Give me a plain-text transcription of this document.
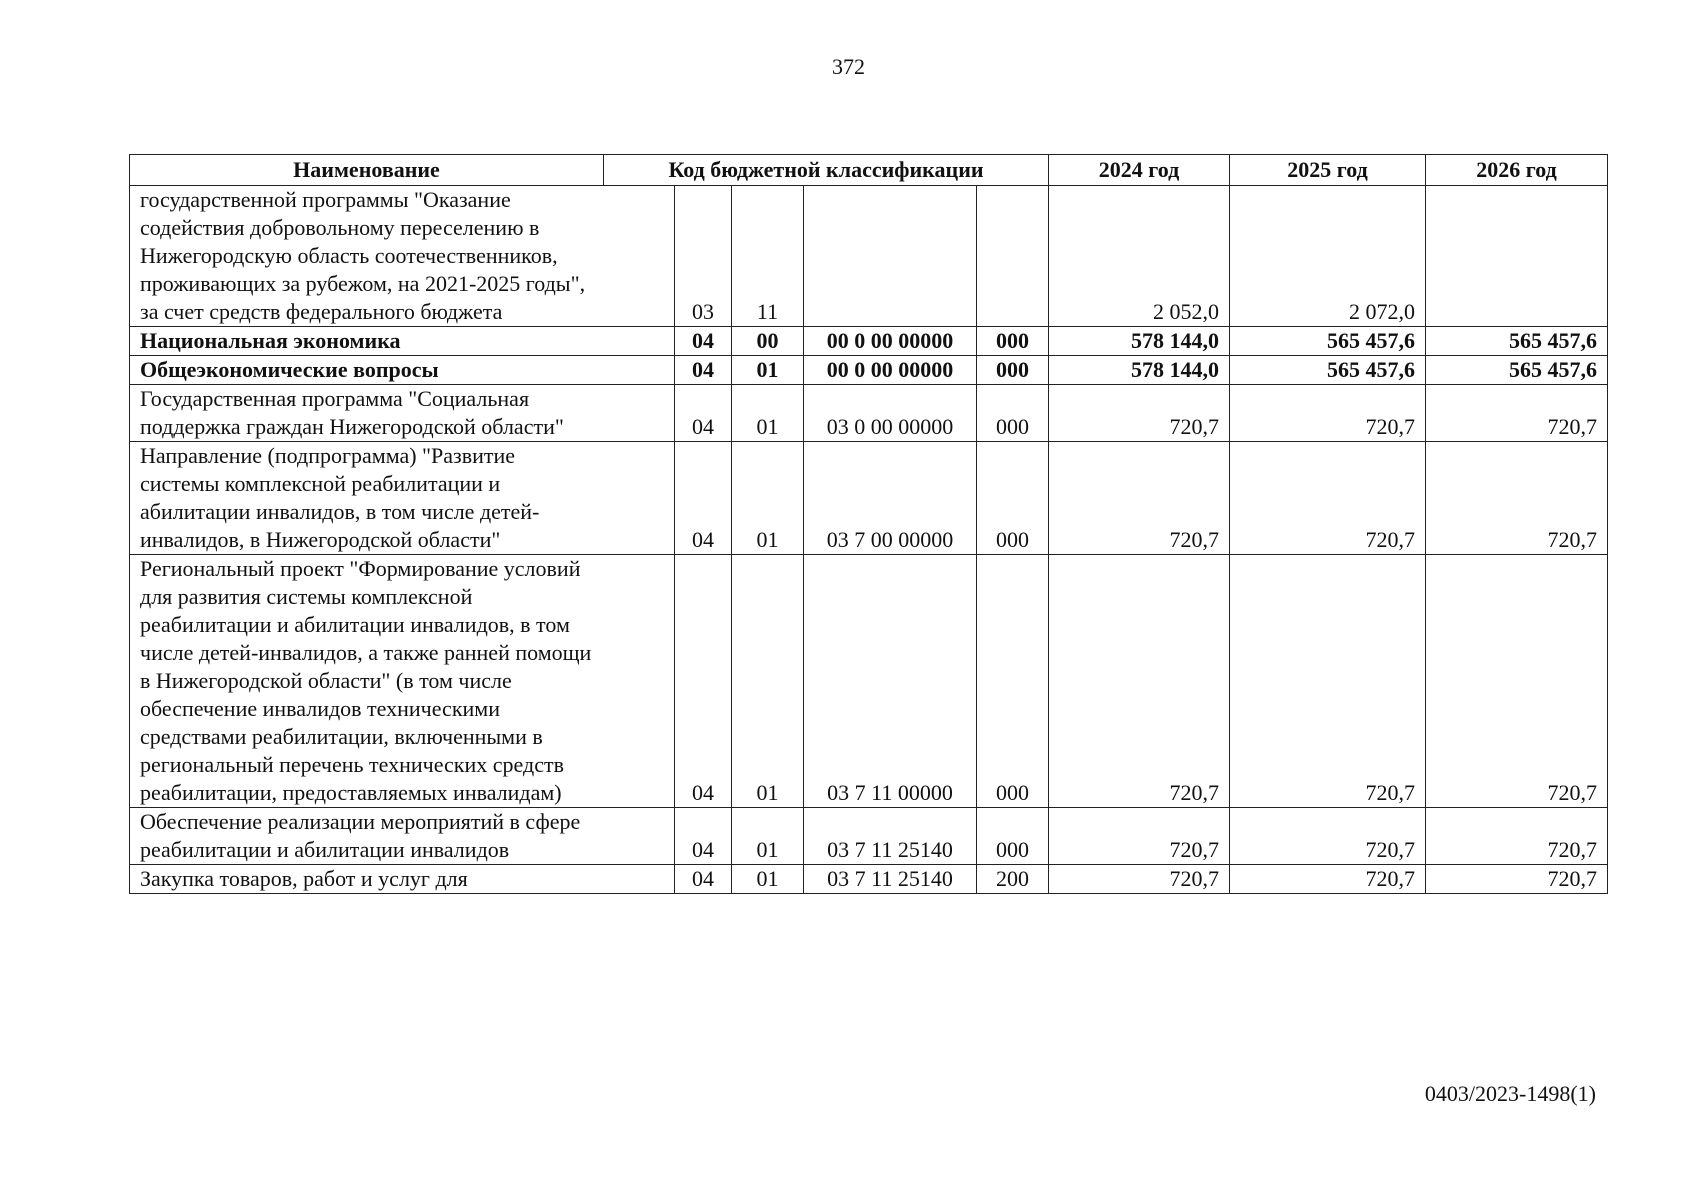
372
Наименование	Код бюджетной классификации					2024 год	2025 год	2026 год
государственной программы "Оказание содействия добровольному переселению в Нижегородскую область соотечественников, проживающих за рубежом, на 2021-2025 годы", за счет средств федерального бюджета		03	11			2 052,0	2 072,0	
Национальная экономика		04	00	00 0 00 00000	000	578 144,0	565 457,6	565 457,6
Общеэкономические вопросы		04	01	00 0 00 00000	000	578 144,0	565 457,6	565 457,6
Государственная программа "Социальная поддержка граждан Нижегородской области"		04	01	03 0 00 00000	000	720,7	720,7	720,7
Направление (подпрограмма) "Развитие системы комплексной реабилитации и абилитации инвалидов, в том числе детей-инвалидов, в Нижегородской области"		04	01	03 7 00 00000	000	720,7	720,7	720,7
Региональный проект "Формирование условий для развития системы комплексной реабилитации и абилитации инвалидов, в том числе детей-инвалидов, а также ранней помощи в Нижегородской области" (в том числе обеспечение инвалидов техническими средствами реабилитации, включенными в региональный перечень технических средств реабилитации, предоставляемых инвалидам)		04	01	03 7 11 00000	000	720,7	720,7	720,7
Обеспечение реализации мероприятий в сфере реабилитации и абилитации инвалидов		04	01	03 7 11 25140	000	720,7	720,7	720,7
Закупка товаров, работ и услуг для		04	01	03 7 11 25140	200	720,7	720,7	720,7
0403/2023-1498(1)
